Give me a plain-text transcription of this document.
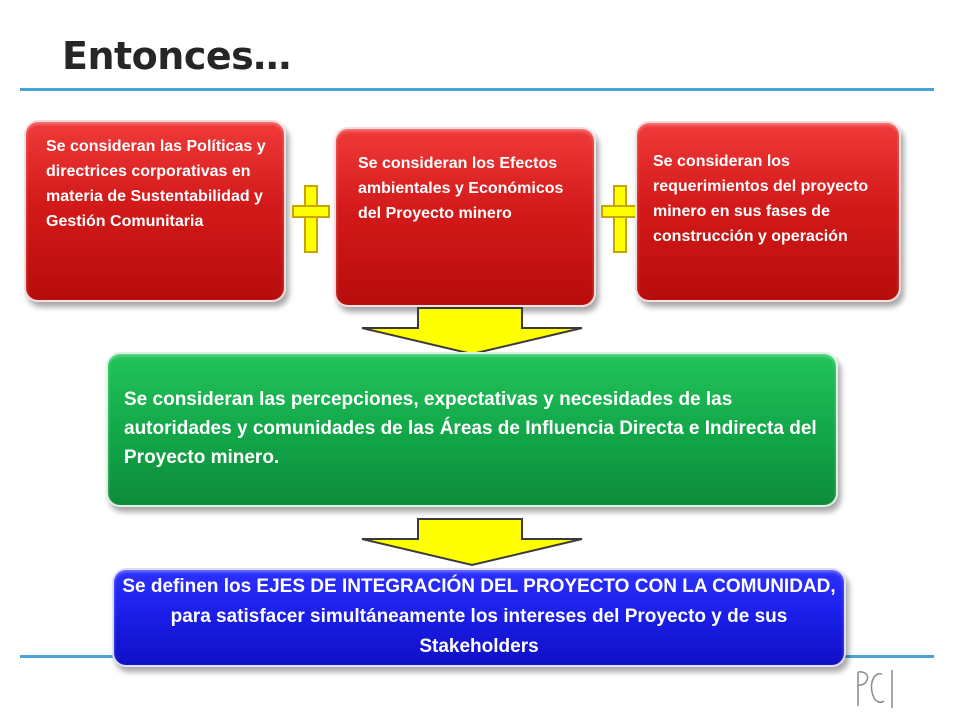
Entonces…
Se consideran las Políticas y directrices corporativas en materia de Sustentabilidad y Gestión Comunitaria
Se consideran los Efectos ambientales y Económicos del Proyecto minero
Se consideran los requerimientos del proyecto minero en sus fases de construcción y operación
Se consideran las percepciones, expectativas y necesidades de las autoridades y comunidades de las Áreas de Influencia Directa e Indirecta del Proyecto minero.
Se definen los EJES DE INTEGRACIÓN DEL PROYECTO CON LA COMUNIDAD, para satisfacer simultáneamente los intereses del Proyecto y de sus Stakeholders
